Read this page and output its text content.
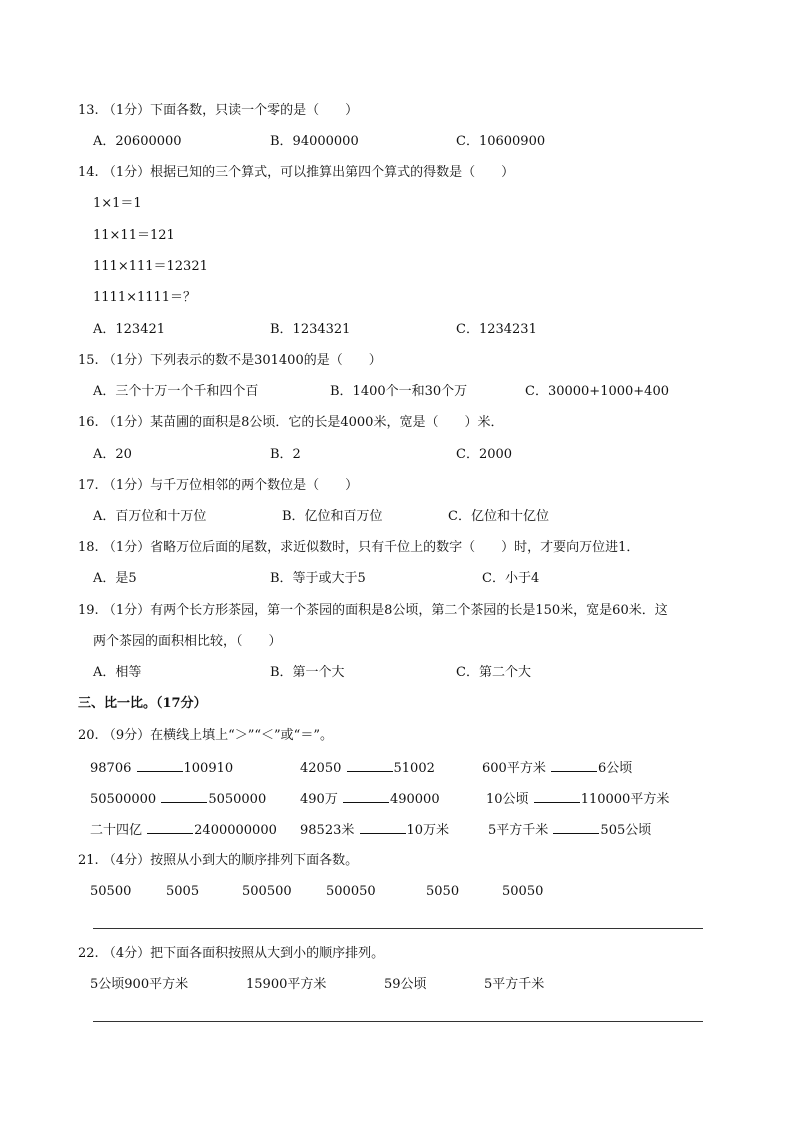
13. （1分）下面各数，只读一个零的是（　　）
A．20600000	B．94000000	C．10600900
14. （1分）根据已知的三个算式，可以推算出第四个算式的得数是（　　）
1×1＝1
11×11＝121
111×111＝12321
1111×1111＝？
A．123421	B．1234321	C．1234231
15. （1分）下列表示的数不是301400的是（　　）
A．三个十万一个千和四个百	B．1400个一和30个万	C．30000+1000+400
16. （1分）某苗圃的面积是8公顷．它的长是4000米，宽是（　　）米．
A．20	B．2	C．2000
17. （1分）与千万位相邻的两个数位是（　　）
A．百万位和十万位	B．亿位和百万位	C．亿位和十亿位
18. （1分）省略万位后面的尾数，求近似数时，只有千位上的数字（　　）时，才要向万位进1．
A．是5	B．等于或大于5	C．小于4
19. （1分）有两个长方形茶园，第一个茶园的面积是8公顷，第二个茶园的长是150米，宽是60米．这
两个茶园的面积相比较，（　　）
A．相等	B．第一个大	C．第二个大
三、比一比。（17分）
20. （9分）在横线上填上“＞”“＜”或“＝”。
98706	100910	42050	51002	600平方米	6公顷
50500000	5050000	490万	490000	10公顷	110000平方米
二十四亿	2400000000 98523米	10万米	5平方千米	505公顷
21. （4分）按照从小到大的顺序排列下面各数。
50500	5005	500500	500050	5050	50050
22. （4分）把下面各面积按照从大到小的顺序排列。
5公顷900平方米	15900平方米	59公顷	5平方千米
